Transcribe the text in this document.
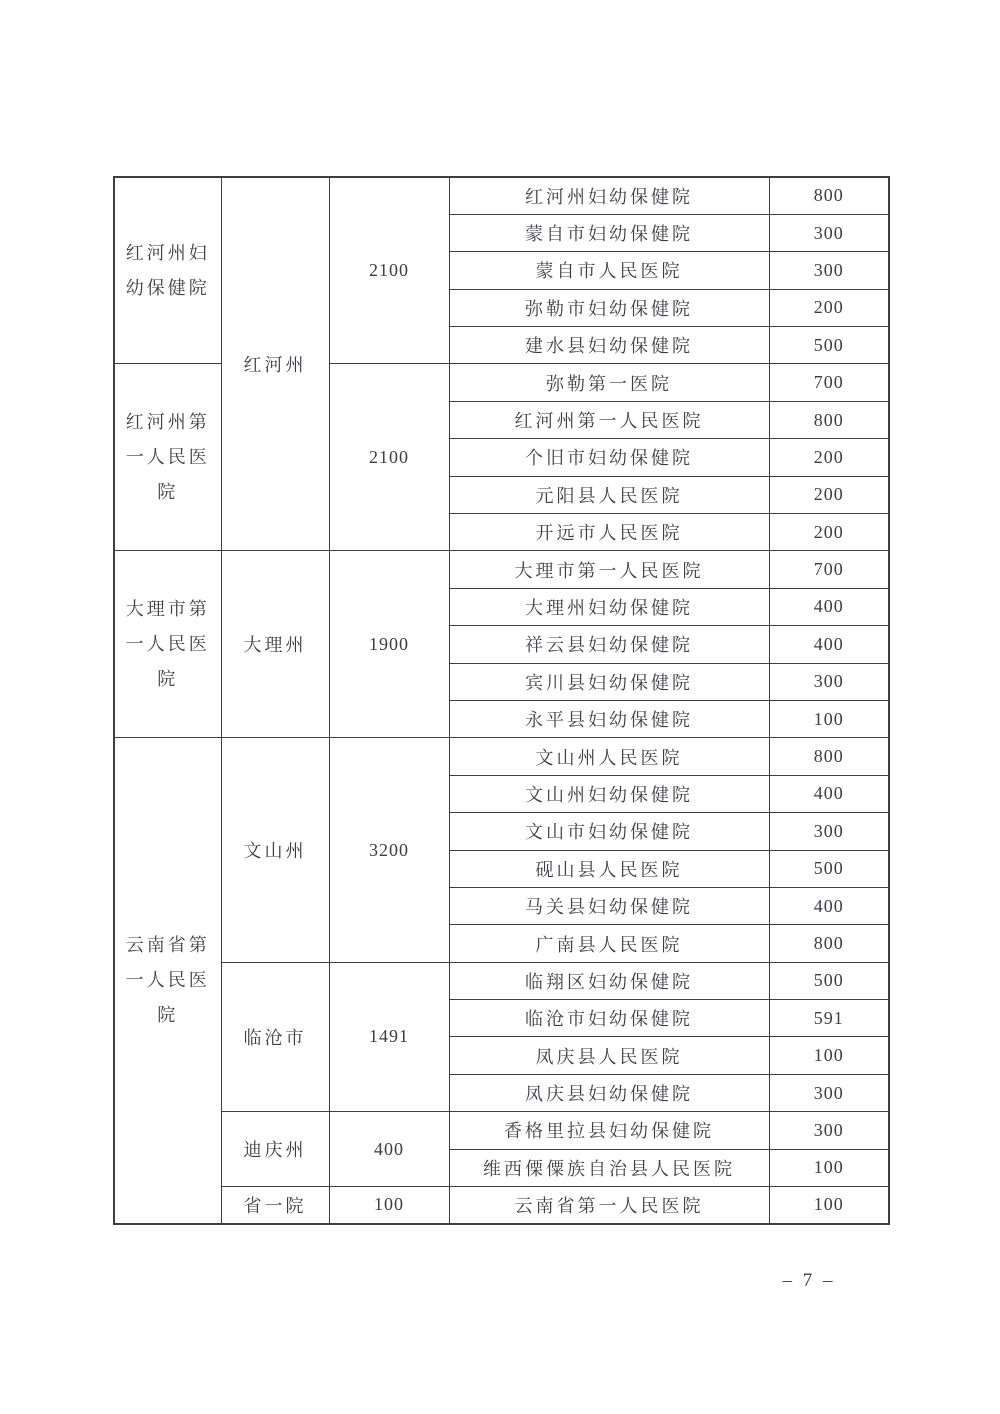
红河州妇幼保健院	红河州	2100	红河州妇幼保健院	800
			蒙自市妇幼保健院	300
			蒙自市人民医院	300
			弥勒市妇幼保健院	200
			建水县妇幼保健院	500
红河州第一人民医院		2100	弥勒第一医院	700
			红河州第一人民医院	800
			个旧市妇幼保健院	200
			元阳县人民医院	200
			开远市人民医院	200
大理市第一人民医院	大理州	1900	大理市第一人民医院	700
			大理州妇幼保健院	400
			祥云县妇幼保健院	400
			宾川县妇幼保健院	300
			永平县妇幼保健院	100
云南省第一人民医院	文山州	3200	文山州人民医院	800
			文山州妇幼保健院	400
			文山市妇幼保健院	300
			砚山县人民医院	500
			马关县妇幼保健院	400
			广南县人民医院	800
	临沧市	1491	临翔区妇幼保健院	500
			临沧市妇幼保健院	591
			凤庆县人民医院	100
			凤庆县妇幼保健院	300
	迪庆州	400	香格里拉县妇幼保健院	300
			维西傈僳族自治县人民医院	100
	省一院	100	云南省第一人民医院	100
– 7 –
